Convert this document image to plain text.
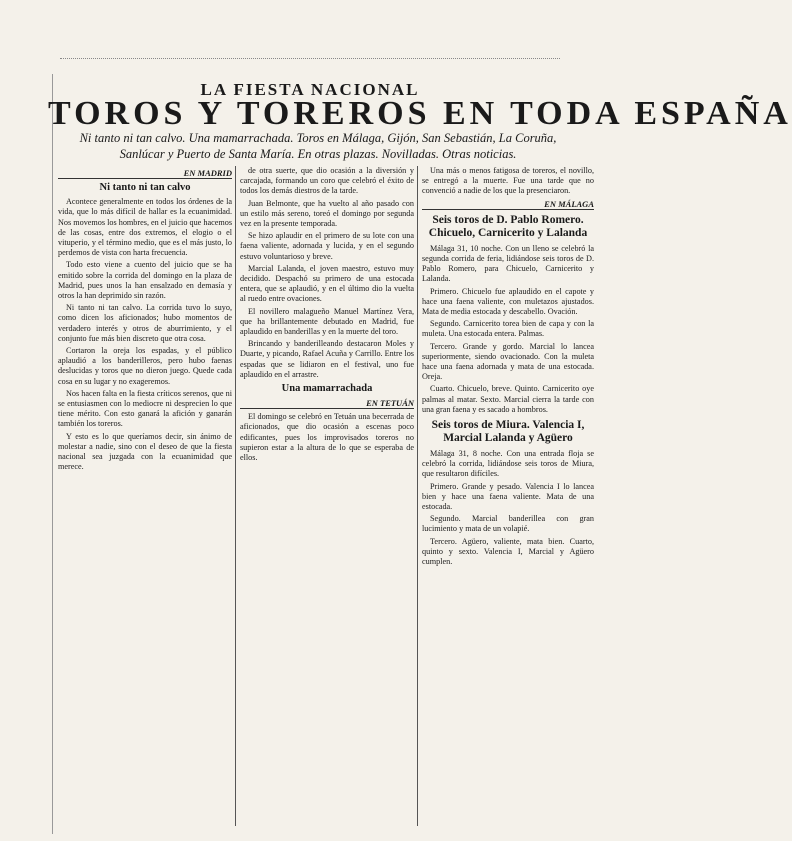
LA FIESTA NACIONAL
TOROS Y TOREROS EN TODA ESPAÑA
Ni tanto ni tan calvo. Una mamarrachada. Toros en Málaga, Gijón, San Sebastián, La Coruña, Sanlúcar y Puerto de Santa María. En otras plazas. Novilladas. Otras noticias.
EN MADRID
Ni tanto ni tan calvo

Acontece generalmente en todos los órdenes de la vida, que lo más difícil de hallar es la ecuanimidad. Nos movemos los hombres, en el juicio que hacemos de las cosas, entre dos extremos, el elogio o el vituperio, y el término medio, que es el más justo, lo perdemos de vista con harta frecuencia.

Todo esto viene a cuento del juicio que se ha emitido sobre la corrida del domingo en la plaza de Madrid, pues unos la han ensalzado en demasía y otros la han deprimido sin razón.

Ni tanto ni tan calvo. La corrida tuvo lo suyo, como dicen los aficionados; hubo momentos de verdadero interés y otros de aburrimiento, y el conjunto fue más bien discreto que otra cosa.

Cortaron la oreja los espadas, y el público aplaudió a los banderilleros, pero hubo faenas deslucidas y toros que no dieron juego. Quede cada cosa en su lugar y no exageremos.

Nos hacen falta en la fiesta críticos serenos, que ni se entusiasmen con lo mediocre ni desprecien lo que tiene mérito. Con esto ganará la afición y ganarán también los toreros.

Y esto es lo que queríamos decir, sin ánimo de molestar a nadie, sino con el deseo de que la fiesta nacional sea juzgada con la ecuanimidad que merece.

de otra suerte, que dio ocasión a la diversión y carcajada, formando un coro que celebró el éxito de todos los demás diestros de la tarde.

Juan Belmonte, que ha vuelto al año pasado con un estilo más sereno, toreó el domingo por segunda vez en la presente temporada.

Se hizo aplaudir en el primero de su lote con una faena valiente, adornada y lucida, y en el segundo estuvo voluntarioso y breve.

Marcial Lalanda, el joven maestro, estuvo muy decidido. Despachó su primero de una estocada entera, que se aplaudió, y en el último dio la vuelta al ruedo entre ovaciones.

El novillero malagueño Manuel Martínez Vera, que ha brillantemente debutado en Madrid, fue aplaudido en banderillas y en la muerte del toro.

Brincando y banderilleando destacaron Moles y Duarte, y picando, Rafael Acuña y Carrillo. Entre los espadas que se lidiaron en el festival, uno fue aplaudido en el arrastre.

Una mamarrachada
EN TETUÁN

El domingo se celebró en Tetuán una becerrada de aficionados, que dio ocasión a escenas poco edificantes, pues los improvisados toreros no supieron estar a la altura de lo que se esperaba de ellos.

Una más o menos fatigosa de toreros, el novillo, se entregó a la muerte. Fue una tarde que no convenció a nadie de los que la presenciaron.

EN MÁLAGA
Seis toros de D. Pablo Romero. Chicuelo, Carnicerito y Lalanda

Málaga 31, 10 noche. Con un lleno se celebró la segunda corrida de feria, lidiándose seis toros de D. Pablo Romero, para Chicuelo, Carnicerito y Lalanda.

Primero. Chicuelo fue aplaudido en el capote y hace una faena valiente, con muletazos ajustados. Mata de media estocada y descabello. Ovación.

Segundo. Carnicerito torea bien de capa y con la muleta. Una estocada entera. Palmas.

Tercero. Grande y gordo. Marcial lo lancea superiormente, siendo ovacionado. Con la muleta hace una faena adornada y mata de una estocada. Oreja.

Cuarto. Chicuelo, breve. Quinto. Carnicerito oye palmas al matar. Sexto. Marcial cierra la tarde con una gran faena y es sacado a hombros.

Seis toros de Miura. Valencia I, Marcial Lalanda y Agüero

Málaga 31, 8 noche. Con una entrada floja se celebró la corrida, lidiándose seis toros de Miura, que resultaron difíciles.

Primero. Grande y pesado. Valencia I lo lancea bien y hace una faena valiente. Mata de una estocada.

Segundo. Marcial banderillea con gran lucimiento y mata de un volapié.

Tercero. Agüero, valiente, mata bien. Cuarto, quinto y sexto. Valencia I, Marcial y Agüero cumplen.
